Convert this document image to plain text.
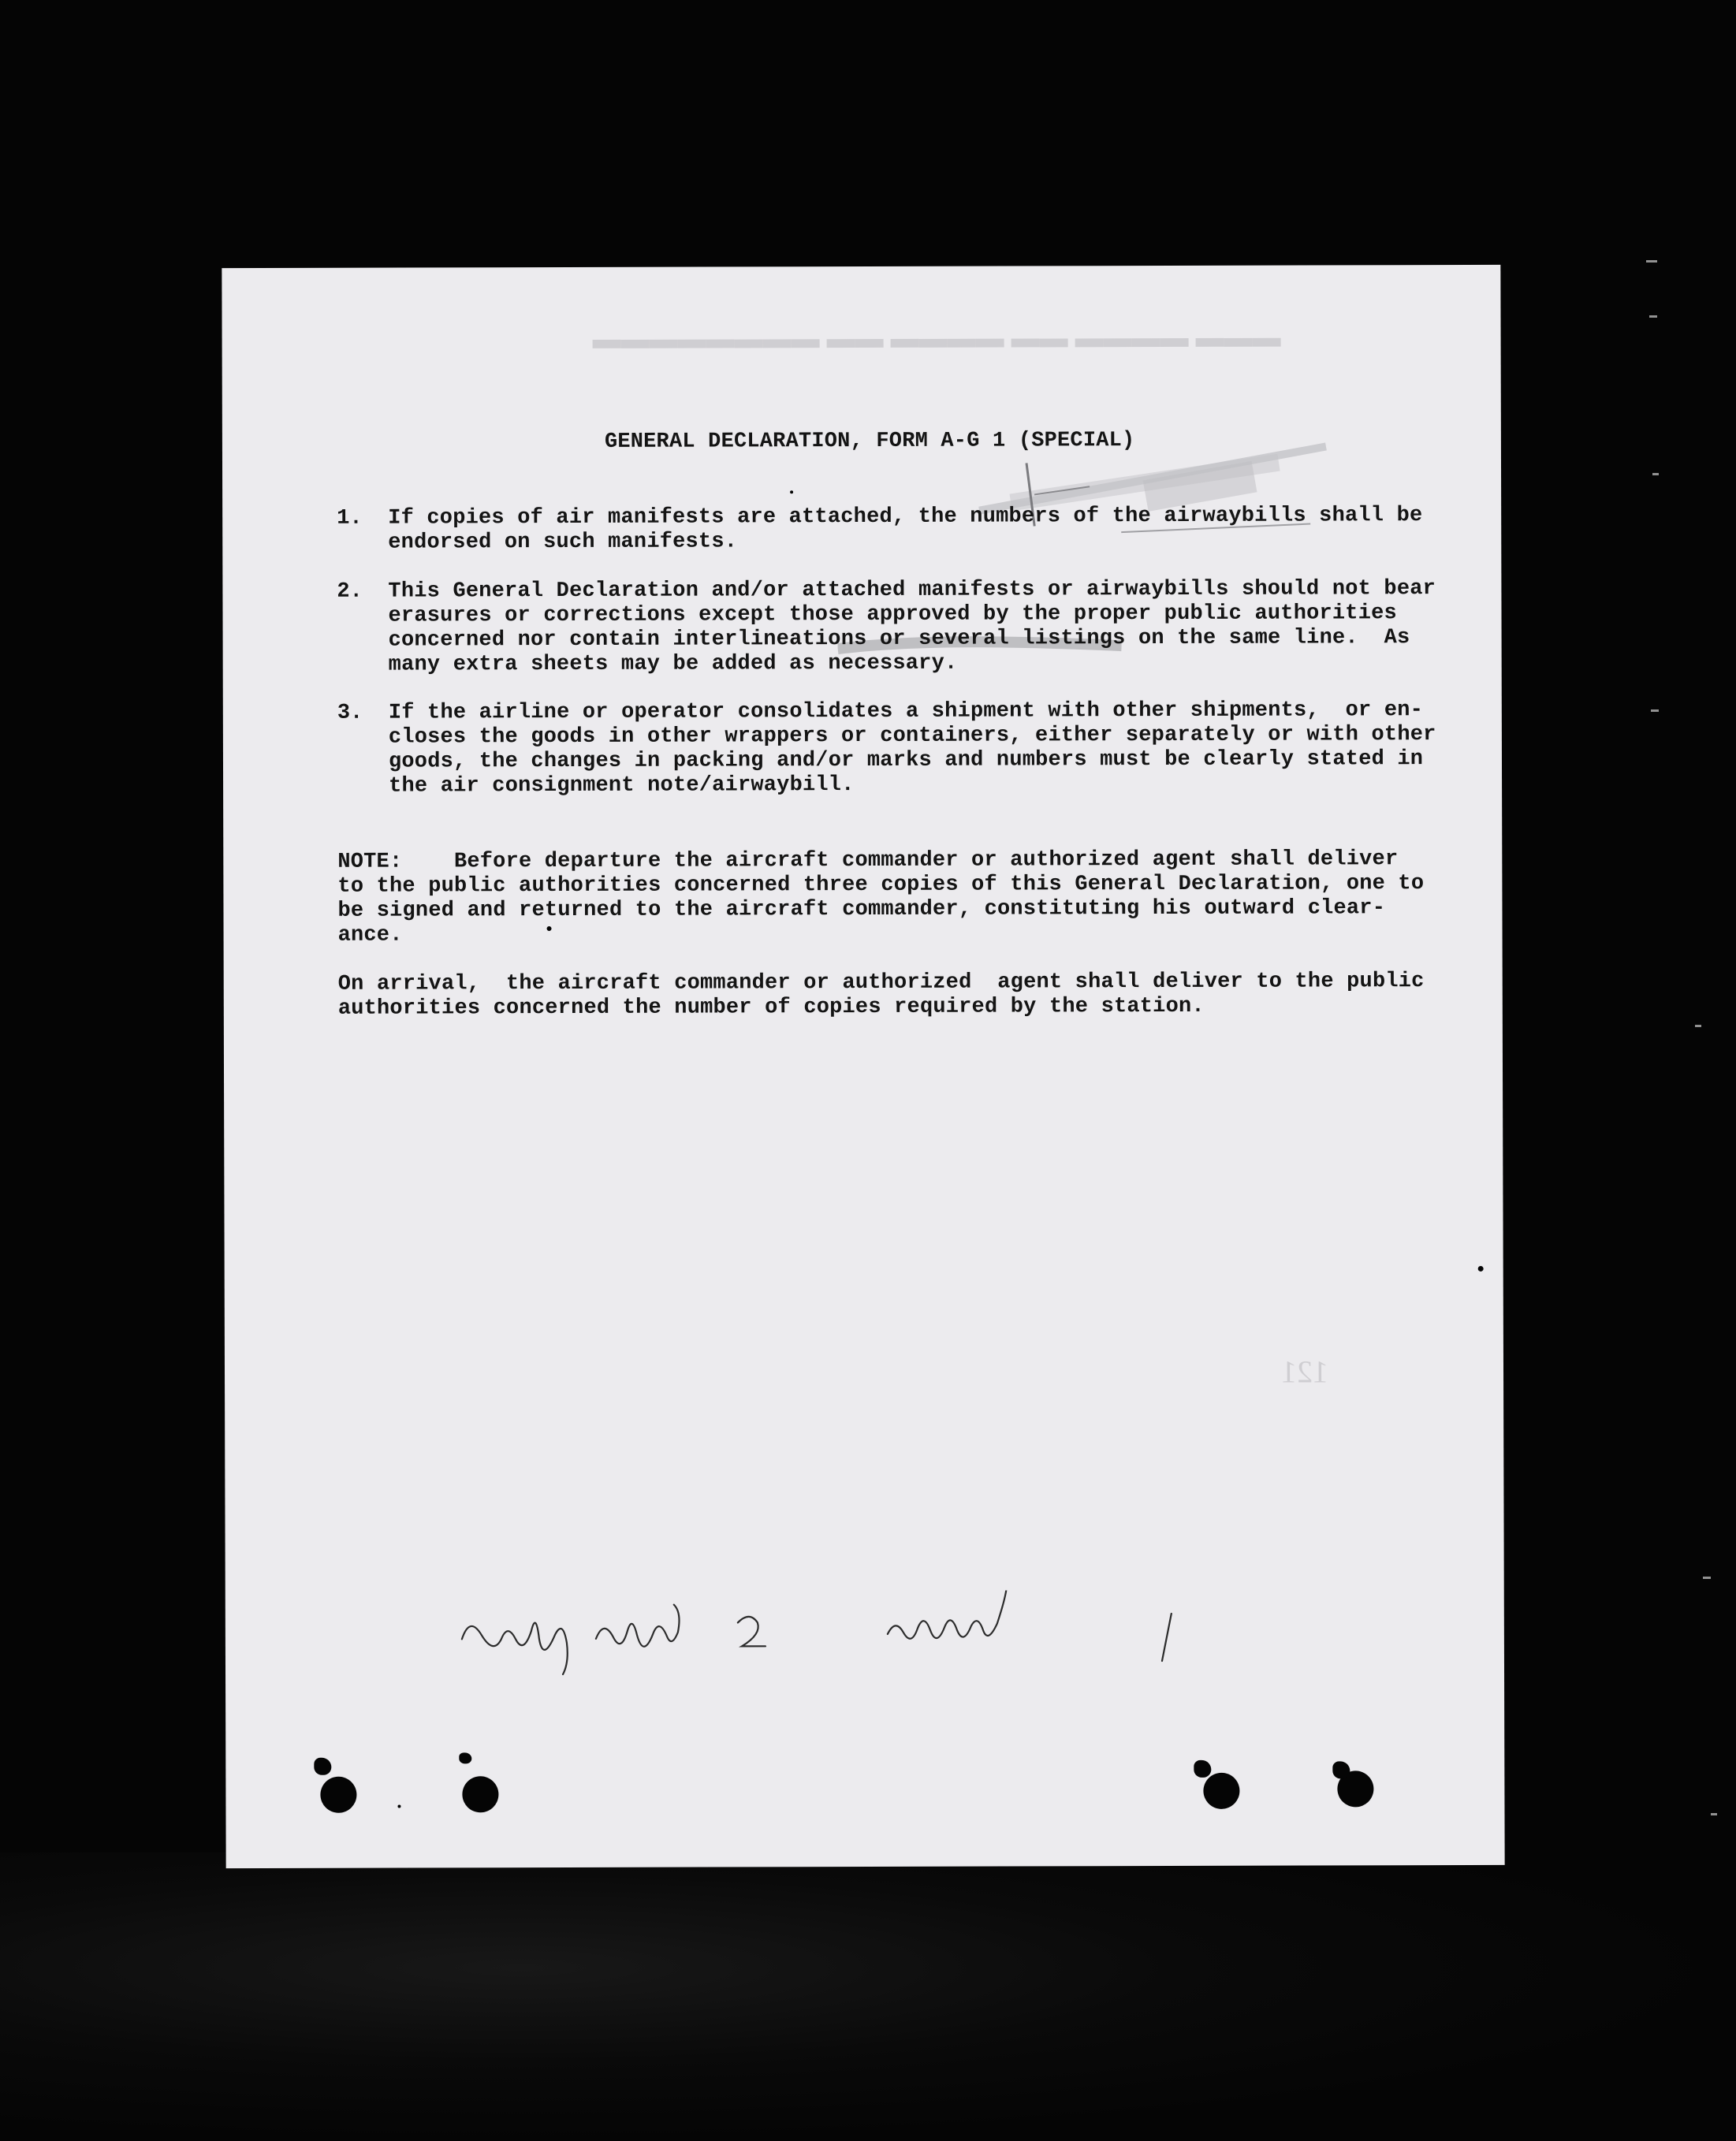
▬▬▬ ▬▬▬▬ ▬▬ ▬▬▬▬ ▬▬ ▬▬▬▬▬▬▬▬
121
GENERAL DECLARATION, FORM A-G 1 (SPECIAL)
1. If copies of air manifests are attached, the numbers of the airwaybills shall be
endorsed on such manifests.
2. This General Declaration and/or attached manifests or airwaybills should not bear
erasures or corrections except those approved by the proper public authorities
concerned nor contain interlineations or several listings on the same line.  As
many extra sheets may be added as necessary.
3. If the airline or operator consolidates a shipment with other shipments,  or en-
closes the goods in other wrappers or containers, either separately or with other
goods, the changes in packing and/or marks and numbers must be clearly stated in
the air consignment note/airwaybill.
NOTE:    Before departure the aircraft commander or authorized agent shall deliver
to the public authorities concerned three copies of this General Declaration, one to
be signed and returned to the aircraft commander, constituting his outward clear-
ance.
On arrival,  the aircraft commander or authorized  agent shall deliver to the public
authorities concerned the number of copies required by the station.
